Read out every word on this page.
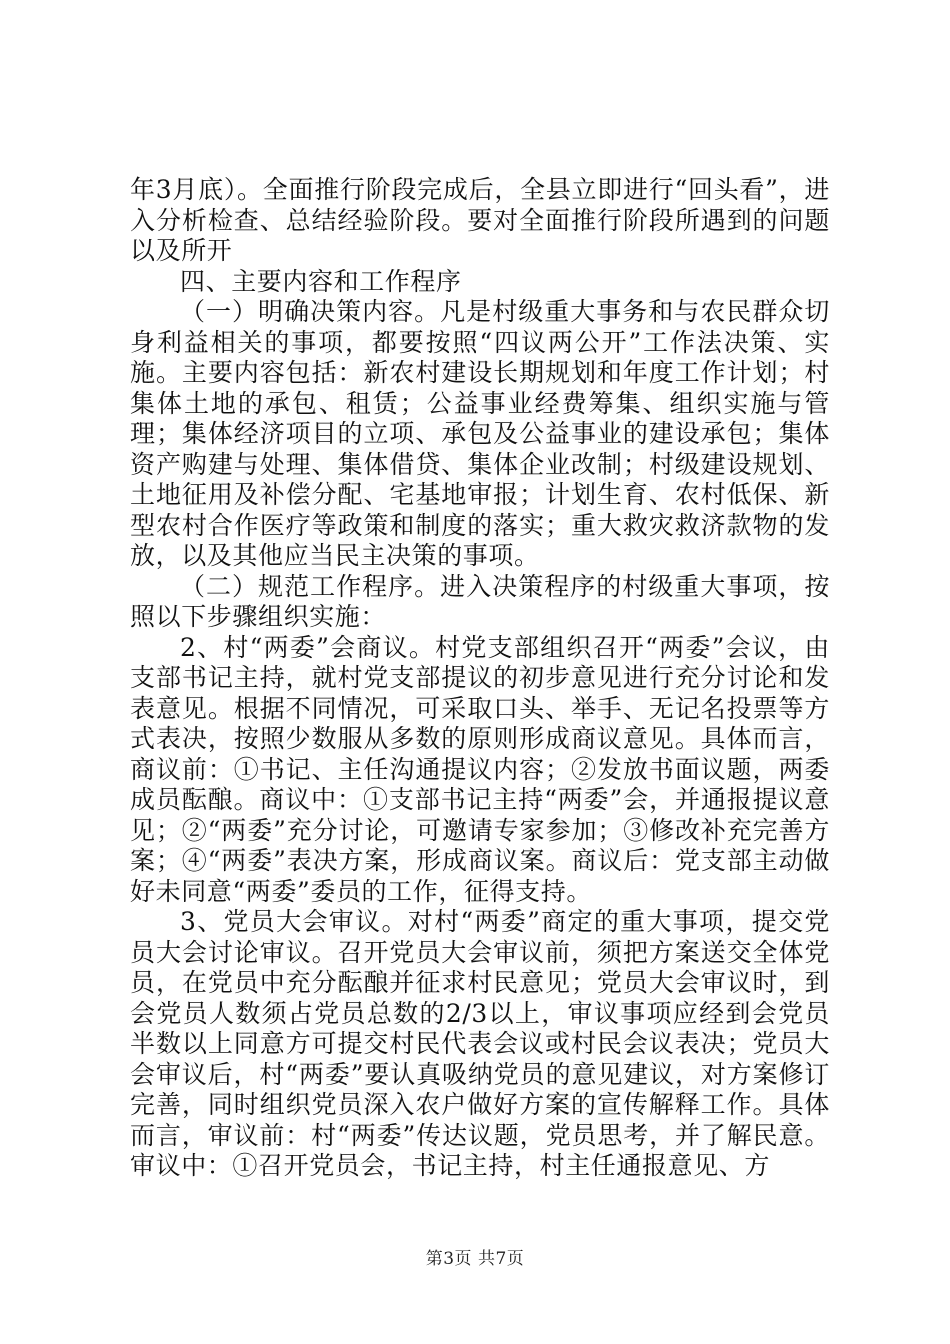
年3月底）。全面推行阶段完成后，全县立即进行“回头看”，进入分析检查、总结经验阶段。要对全面推行阶段所遇到的问题以及所开

四、主要内容和工作程序

（一）明确决策内容。凡是村级重大事务和与农民群众切身利益相关的事项，都要按照“四议两公开”工作法决策、实施。主要内容包括：新农村建设长期规划和年度工作计划；村集体土地的承包、租赁；公益事业经费筹集、组织实施与管理；集体经济项目的立项、承包及公益事业的建设承包；集体资产购建与处理、集体借贷、集体企业改制；村级建设规划、土地征用及补偿分配、宅基地审报；计划生育、农村低保、新型农村合作医疗等政策和制度的落实；重大救灾救济款物的发放，以及其他应当民主决策的事项。

（二）规范工作程序。进入决策程序的村级重大事项，按照以下步骤组织实施：

2、村“两委”会商议。村党支部组织召开“两委”会议，由支部书记主持，就村党支部提议的初步意见进行充分讨论和发表意见。根据不同情况，可采取口头、举手、无记名投票等方式表决，按照少数服从多数的原则形成商议意见。具体而言，商议前：①书记、主任沟通提议内容；②发放书面议题，两委成员酝酿。商议中：①支部书记主持“两委”会，并通报提议意见；②“两委”充分讨论，可邀请专家参加；③修改补充完善方案；④“两委”表决方案，形成商议案。商议后：党支部主动做好未同意“两委”委员的工作，征得支持。

3、党员大会审议。对村“两委”商定的重大事项，提交党员大会讨论审议。召开党员大会审议前，须把方案送交全体党员，在党员中充分酝酿并征求村民意见；党员大会审议时，到会党员人数须占党员总数的2/3以上，审议事项应经到会党员半数以上同意方可提交村民代表会议或村民会议表决；党员大会审议后，村“两委”要认真吸纳党员的意见建议，对方案修订完善，同时组织党员深入农户做好方案的宣传解释工作。具体而言，审议前：村“两委”传达议题，党员思考，并了解民意。审议中：①召开党员会，书记主持，村主任通报意见、方

第3页 共7页
